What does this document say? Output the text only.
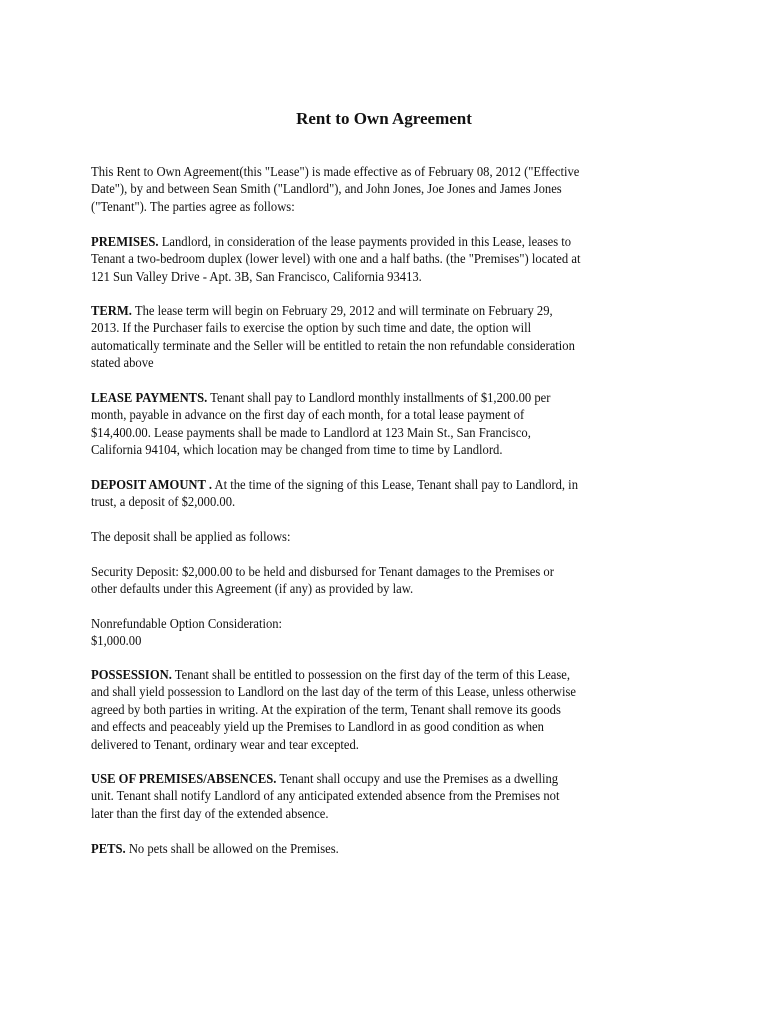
Rent to Own Agreement
This Rent to Own Agreement(this "Lease") is made effective as of February 08, 2012 ("Effective
Date"), by and between Sean Smith ("Landlord"), and John Jones, Joe Jones and James Jones
("Tenant"). The parties agree as follows:
PREMISES. Landlord, in consideration of the lease payments provided in this Lease, leases to
Tenant a two-bedroom duplex (lower level) with one and a half baths. (the "Premises") located at
121 Sun Valley Drive - Apt. 3B, San Francisco, California 93413.
TERM. The lease term will begin on February 29, 2012 and will terminate on February 29,
2013. If the Purchaser fails to exercise the option by such time and date, the option will
automatically terminate and the Seller will be entitled to retain the non refundable consideration
stated above
LEASE PAYMENTS. Tenant shall pay to Landlord monthly installments of $1,200.00 per
month, payable in advance on the first day of each month, for a total lease payment of
$14,400.00. Lease payments shall be made to Landlord at 123 Main St., San Francisco,
California 94104, which location may be changed from time to time by Landlord.
DEPOSIT AMOUNT . At the time of the signing of this Lease, Tenant shall pay to Landlord, in
trust, a deposit of $2,000.00.
The deposit shall be applied as follows:
Security Deposit: $2,000.00 to be held and disbursed for Tenant damages to the Premises or
other defaults under this Agreement (if any) as provided by law.
Nonrefundable Option Consideration:
$1,000.00
POSSESSION. Tenant shall be entitled to possession on the first day of the term of this Lease,
and shall yield possession to Landlord on the last day of the term of this Lease, unless otherwise
agreed by both parties in writing. At the expiration of the term, Tenant shall remove its goods
and effects and peaceably yield up the Premises to Landlord in as good condition as when
delivered to Tenant, ordinary wear and tear excepted.
USE OF PREMISES/ABSENCES. Tenant shall occupy and use the Premises as a dwelling
unit. Tenant shall notify Landlord of any anticipated extended absence from the Premises not
later than the first day of the extended absence.
PETS. No pets shall be allowed on the Premises.
